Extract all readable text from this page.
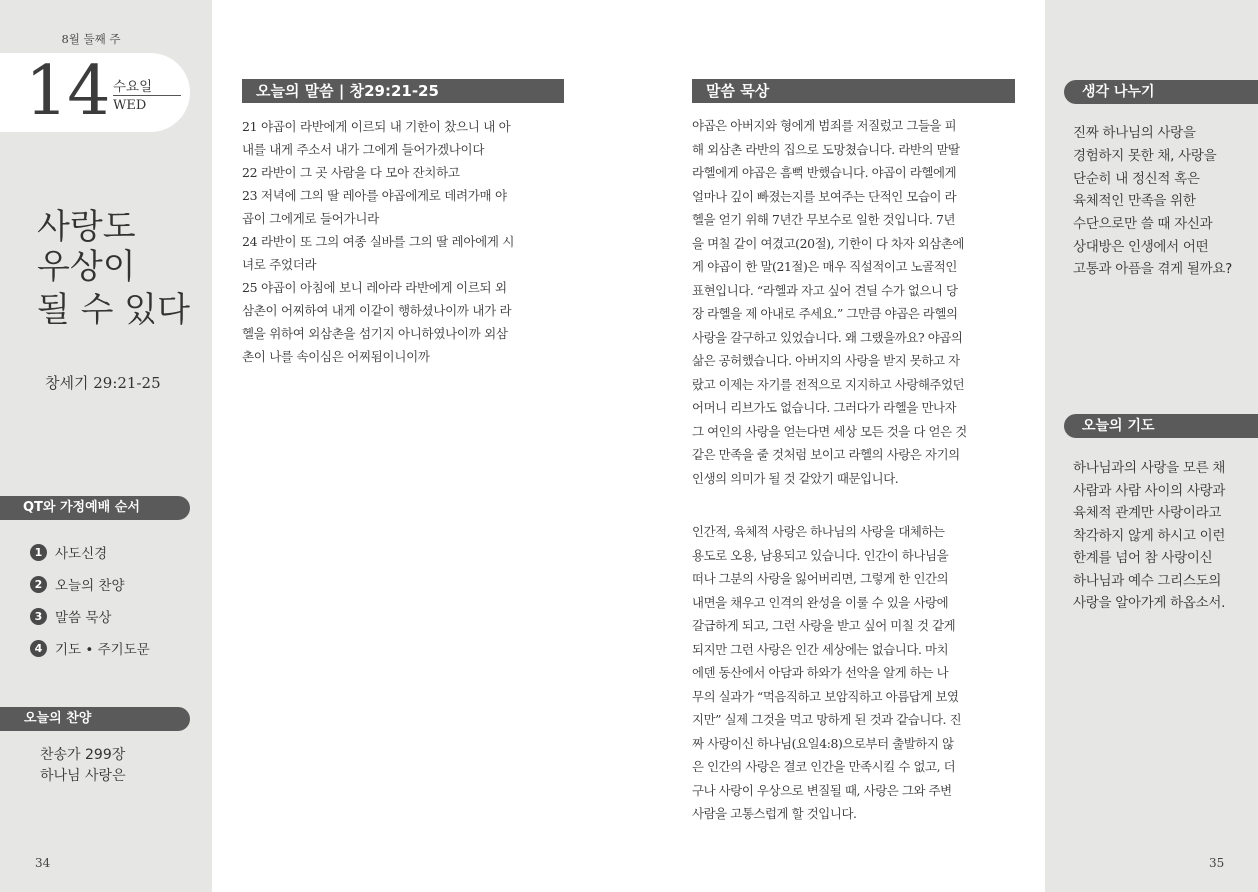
8월 둘째 주
14 수요일
WED
사랑도
우상이
될 수 있다
창세기 29:21-25
QT와 가정예배 순서
1 사도신경
2 오늘의 찬양
3 말씀 묵상
4 기도 • 주기도문
오늘의 찬양
찬송가 299장
하나님 사랑은
34
오늘의 말씀 | 창29:21-25
21 야곱이 라반에게 이르되 내 기한이 찼으니 내 아
내를 내게 주소서 내가 그에게 들어가겠나이다
22 라반이 그 곳 사람을 다 모아 잔치하고
23 저녁에 그의 딸 레아를 야곱에게로 데려가매 야
곱이 그에게로 들어가니라
24 라반이 또 그의 여종 실바를 그의 딸 레아에게 시
녀로 주었더라
25 야곱이 아침에 보니 레아라 라반에게 이르되 외
삼촌이 어찌하여 내게 이같이 행하셨나이까 내가 라
헬을 위하여 외삼촌을 섬기지 아니하였나이까 외삼
촌이 나를 속이심은 어찌됨이니이까
말씀 묵상
야곱은 아버지와 형에게 범죄를 저질렀고 그들을 피
해 외삼촌 라반의 집으로 도망쳤습니다. 라반의 맏딸
라헬에게 야곱은 흠뻑 반했습니다. 야곱이 라헬에게
얼마나 깊이 빠졌는지를 보여주는 단적인 모습이 라
헬을 얻기 위해 7년간 무보수로 일한 것입니다. 7년
을 며칠 같이 여겼고(20절), 기한이 다 차자 외삼촌에
게 야곱이 한 말(21절)은 매우 직설적이고 노골적인
표현입니다. “라헬과 자고 싶어 견딜 수가 없으니 당
장 라헬을 제 아내로 주세요.” 그만큼 야곱은 라헬의
사랑을 갈구하고 있었습니다. 왜 그랬을까요? 야곱의
삶은 공허했습니다. 아버지의 사랑을 받지 못하고 자
랐고 이제는 자기를 전적으로 지지하고 사랑해주었던
어머니 리브가도 없습니다. 그러다가 라헬을 만나자
그 여인의 사랑을 얻는다면 세상 모든 것을 다 얻은 것
같은 만족을 줄 것처럼 보이고 라헬의 사랑은 자기의
인생의 의미가 될 것 같았기 때문입니다.
인간적, 육체적 사랑은 하나님의 사랑을 대체하는
용도로 오용, 남용되고 있습니다. 인간이 하나님을
떠나 그분의 사랑을 잃어버리면, 그렇게 한 인간의
내면을 채우고 인격의 완성을 이룰 수 있을 사랑에
갈급하게 되고, 그런 사랑을 받고 싶어 미칠 것 같게
되지만 그런 사랑은 인간 세상에는 없습니다. 마치
에덴 동산에서 아담과 하와가 선악을 알게 하는 나
무의 실과가 “먹음직하고 보암직하고 아름답게 보였
지만” 실제 그것을 먹고 망하게 된 것과 같습니다. 진
짜 사랑이신 하나님(요일4:8)으로부터 출발하지 않
은 인간의 사랑은 결코 인간을 만족시킬 수 없고, 더
구나 사랑이 우상으로 변질될 때, 사랑은 그와 주변
사람을 고통스럽게 할 것입니다.
생각 나누기
진짜 하나님의 사랑을
경험하지 못한 채, 사랑을
단순히 내 정신적 혹은
육체적인 만족을 위한
수단으로만 쓸 때 자신과
상대방은 인생에서 어떤
고통과 아픔을 겪게 될까요?
오늘의 기도
하나님과의 사랑을 모른 채
사람과 사람 사이의 사랑과
육체적 관계만 사랑이라고
착각하지 않게 하시고 이런
한계를 넘어 참 사랑이신
하나님과 예수 그리스도의
사랑을 알아가게 하옵소서.
35
